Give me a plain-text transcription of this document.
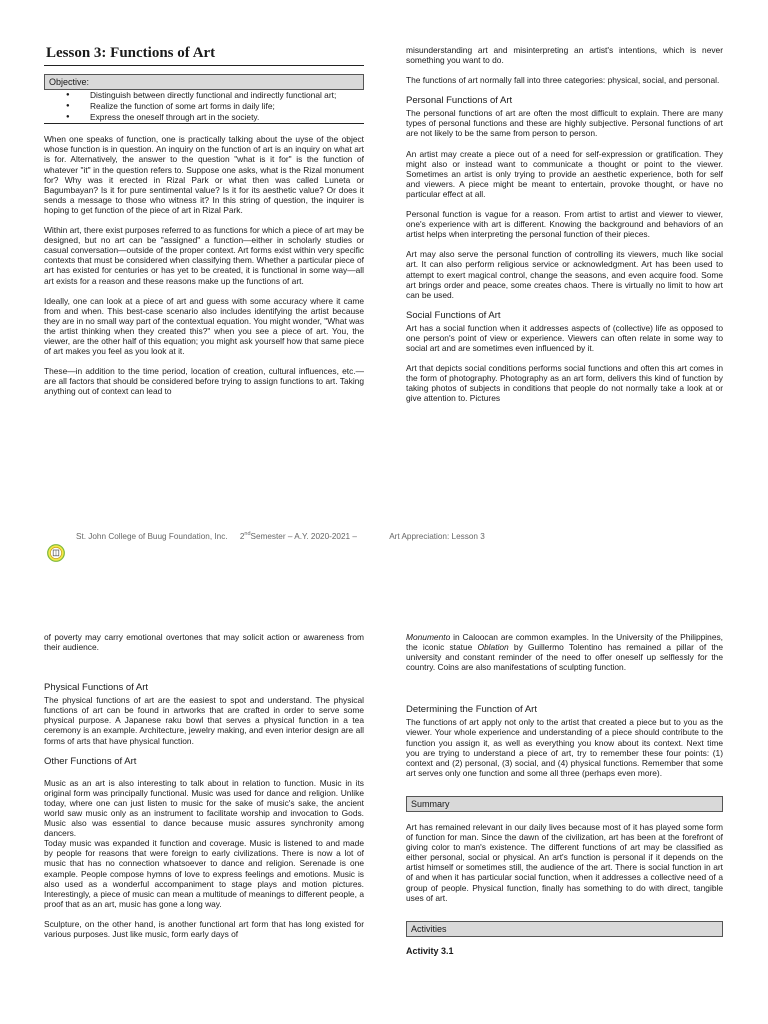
Lesson 3: Functions of Art
Objective:
● Distinguish between directly functional and indirectly functional art;
● Realize the function of some art forms in daily life;
● Express the oneself through art in the society.

When one speaks of function, one is practically talking about the uyse of the object whose function is in question. An inquiry on the function of art is an inquiry on what art is for. Alternatively, the answer to the question "what is it for" is the function of whatever "it" in the question refers to. Suppose one asks, what is the Rizal monument for? Why was it erected in Rizal Park or what then was called Luneta or Bagumbayan? Is it for pure sentimental value? Is it for its aesthetic value? Or does it sends a message to those who witness it? In this string of question, the inquirer is hoping to get function of the piece of art in Rizal Park.

Within art, there exist purposes referred to as functions for which a piece of art may be designed, but no art can be "assigned" a function—either in scholarly studies or casual conversation—outside of the proper context. Art forms exist within very specific contexts that must be considered when classifying them. Whether a particular piece of art has existed for centuries or has yet to be created, it is functional in some way—all art exists for a reason and these reasons make up the functions of art.

Ideally, one can look at a piece of art and guess with some accuracy where it came from and when. This best-case scenario also includes identifying the artist because they are in no small way part of the contextual equation. You might wonder, "What was the artist thinking when they created this?" when you see a piece of art. You, the viewer, are the other half of this equation; you might ask yourself how that same piece of art makes you feel as you look at it.

These—in addition to the time period, location of creation, cultural influences, etc.—are all factors that should be considered before trying to assign functions to art. Taking anything out of context can lead to

misunderstanding art and misinterpreting an artist's intentions, which is never something you want to do.

The functions of art normally fall into three categories: physical, social, and personal.

Personal Functions of Art

The personal functions of art are often the most difficult to explain. There are many types of personal functions and these are highly subjective. Personal functions of art are not likely to be the same from person to person.

An artist may create a piece out of a need for self-expression or gratification. They might also or instead want to communicate a thought or point to the viewer. Sometimes an artist is only trying to provide an aesthetic experience, both for self and viewers. A piece might be meant to entertain, provoke thought, or have no particular effect at all.

Personal function is vague for a reason. From artist to artist and viewer to viewer, one's experience with art is different. Knowing the background and behaviors of an artist helps when interpreting the personal function of their pieces.

Art may also serve the personal function of controlling its viewers, much like social art. It can also perform religious service or acknowledgment. Art has been used to attempt to exert magical control, change the seasons, and even acquire food. Some art brings order and peace, some creates chaos. There is virtually no limit to how art can be used.

Social Functions of Art

Art has a social function when it addresses aspects of (collective) life as opposed to one person's point of view or experience. Viewers can often relate in some way to social art and are sometimes even influenced by it.

Art that depicts social conditions performs social functions and often this art comes in the form of photography. Photography as an art form, delivers this kind of function by taking photos of subjects in conditions that people do not normally take a look at or give attention to. Pictures

St. John College of Buug Foundation, Inc. 2ndSemester – A.Y. 2020-2021 –	Art Appreciation: Lesson 3

of poverty may carry emotional overtones that may solicit action or awareness from their audience.

Physical Functions of Art

The physical functions of art are the easiest to spot and understand. The physical functions of art can be found in artworks that are crafted in order to serve some physical purpose. A Japanese raku bowl that serves a physical function in a tea ceremony is an example. Architecture, jewelry making, and even interior design are all forms of arts that have physical function.

Other Functions of Art

Music as an art is also interesting to talk about in relation to function. Music in its original form was principally functional. Music was used for dance and religion. Unlike today, where one can just listen to music for the sake of music's sake, the ancient world saw music only as an instrument to facilitate worship and invocation to Gods. Music also was essential to dance because music assures synchronity among dancers.

Today music was expanded it function and coverage. Music is listened to and made by people for reasons that were foreign to early civilizations. There is now a lot of music that has no connection whatsoever to dance and religion. Serenade is one example. People compose hymns of love to express feelings and emotions. Music is also used as a wonderful accompaniment to stage plays and motion pictures. Interestingly, a piece of music can mean a multitude of meanings to different people, a proof that as an art, music has gone a long way.

Sculpture, on the other hand, is another functional art form that has long existed for various purposes. Just like music, form early days of

Monumento in Caloocan are common examples. In the University of the Philippines, the iconic statue Oblation by Guillermo Tolentino has remained a pillar of the university and constant reminder of the need to offer oneself up selflessly for the country. Coins are also manifestations of sculpting function.

Determining the Function of Art

The functions of art apply not only to the artist that created a piece but to you as the viewer. Your whole experience and understanding of a piece should contribute to the function you assign it, as well as everything you know about its context. Next time you are trying to understand a piece of art, try to remember these four points: (1) context and (2) personal, (3) social, and (4) physical functions. Remember that some art serves only one function and some all three (perhaps even more).

Summary

Art has remained relevant in our daily lives because most of it has played some form of function for man. Since the dawn of the civilization, art has been at the forefront of giving color to man's existence. The different functions of art may be classified as either personal, social or physical. An art's function is personal if it depends on the artist himself or sometimes still, the audience of the art. There is social function in art of and when it has particular social function, when it addresses a collective need of a group of people. Physical function, finally has something to do with direct, tangible uses of art.

Activities
Activity 3.1
